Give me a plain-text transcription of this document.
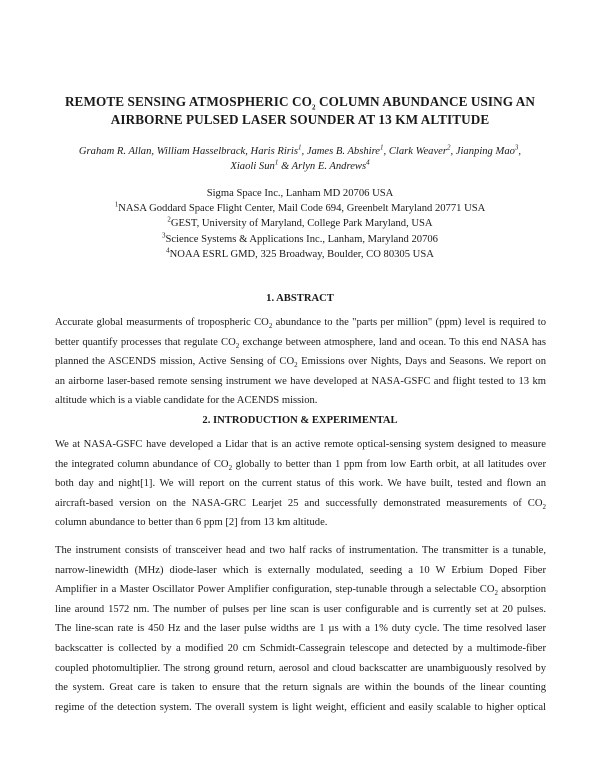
REMOTE SENSING ATMOSPHERIC $CO_2$ COLUMN ABUNDANCE USING AN
AIRBORNE PULSED LASER SOUNDER AT 13 KM ALTITUDE
Graham R. Allan, William Hasselbrack, Haris Riris$^1$, James B. Abshire$^1$, Clark Weaver$^2$, Jianping Mao$^3$,
Xiaoli Sun$^1$ & Arlyn E. Andrews$^4$
Sigma Space Inc., Lanham MD 20706 USA
$^1$NASA Goddard Space Flight Center, Mail Code 694, Greenbelt Maryland 20771 USA
$^2$GEST, University of Maryland, College Park Maryland, USA
$^3$Science Systems & Applications Inc., Lanham, Maryland 20706
$^4$NOAA ESRL GMD, 325 Broadway, Boulder, CO 80305 USA
1. ABSTRACT
Accurate global measurments of tropospheric $CO_2$ abundance to the "parts per million" (ppm) level is required to
better quantify processes that regulate $CO_2$ exchange between atmosphere, land and ocean. To this end NASA has
planned the ASCENDS mission, Active Sensing of $CO_2$ Emissions over Nights, Days and Seasons. We report on
an airborne laser-based remote sensing instrument we have developed at NASA-GSFC and flight tested to 13 km
altitude which is a viable candidate for the ACENDS mission.
2. INTRODUCTION & EXPERIMENTAL
We at NASA-GSFC have developed a Lidar that is an active remote optical-sensing system designed to measure
the integrated column abundance of $CO_2$ globally to better than 1 ppm from low Earth orbit, at all latitudes over
both day and night[1]. We will report on the current status of this work. We have built, tested and flown an
aircraft-based version on the NASA-GRC Learjet 25 and successfully demonstrated measurements of $CO_2$
column abundance to better than 6 ppm [2] from 13 km altitude.
The instrument consists of transceiver head and two half racks of instrumentation. The transmitter is a tunable,
narrow-linewidth (MHz) diode-laser which is externally modulated, seeding a 10 W Erbium Doped Fiber
Amplifier in a Master Oscillator Power Amplifier configuration, step-tunable through a selectable $CO_2$ absorption
line around 1572 nm. The number of pulses per line scan is user configurable and is currently set at 20 pulses.
The line-scan rate is 450 Hz and the laser pulse widths are 1 µs with a 1% duty cycle. The time resolved laser
backscatter is collected by a modified 20 cm Schmidt-Cassegrain telescope and detected by a multimode-fiber
coupled photomultiplier. The strong ground return, aerosol and cloud backscatter are unambiguously resolved by
the system. Great care is taken to ensure that the return signals are within the bounds of the linear counting
regime of the detection system. The overall system is light weight, efficient and easily scalable to higher optical
